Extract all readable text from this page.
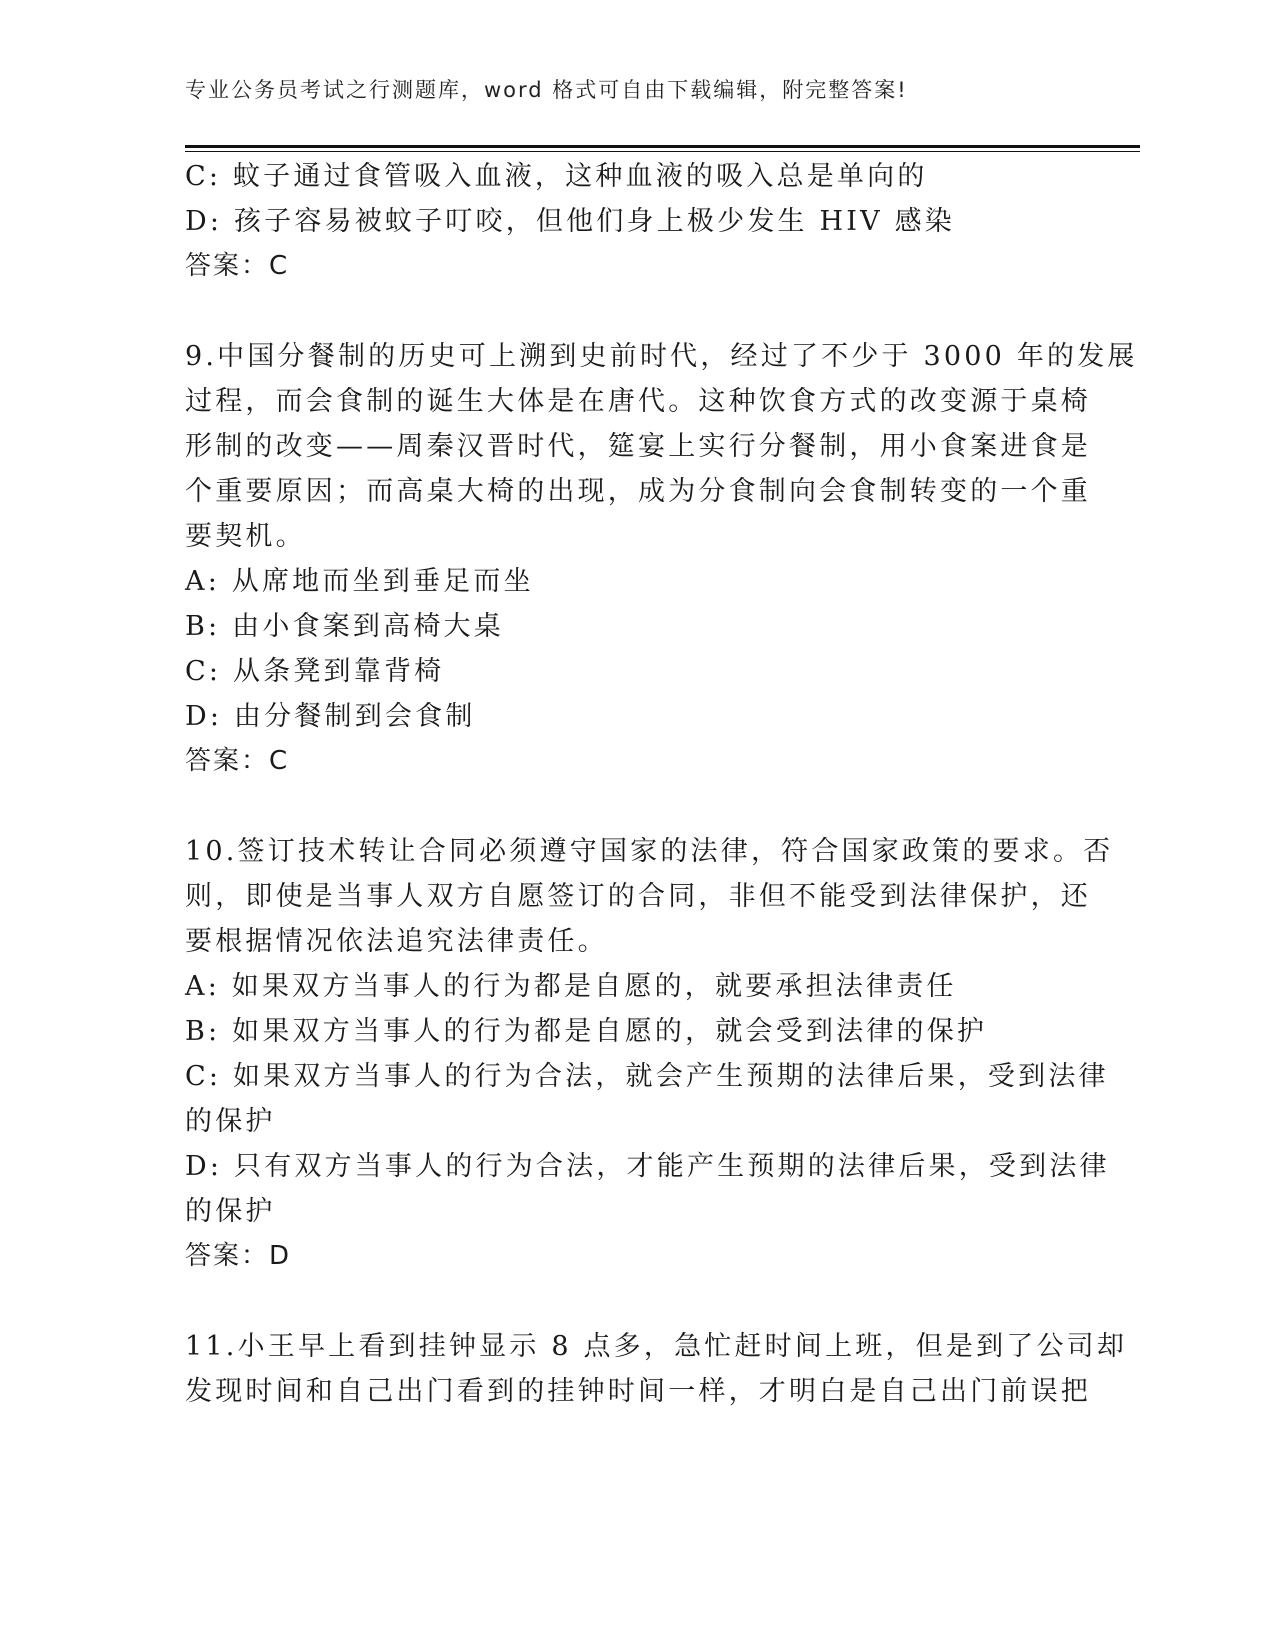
专业公务员考试之行测题库，word 格式可自由下载编辑，附完整答案!
C: 蚊子通过食管吸入血液，这种血液的吸入总是单向的
D: 孩子容易被蚊子叮咬，但他们身上极少发生 HIV 感染
答案：C
9.中国分餐制的历史可上溯到史前时代，经过了不少于 3000 年的发展
过程，而会食制的诞生大体是在唐代。这种饮食方式的改变源于桌椅
形制的改变——周秦汉晋时代，筵宴上实行分餐制，用小食案进食是
个重要原因；而高桌大椅的出现，成为分食制向会食制转变的一个重
要契机。
A: 从席地而坐到垂足而坐
B: 由小食案到高椅大桌
C: 从条凳到靠背椅
D: 由分餐制到会食制
答案：C
10.签订技术转让合同必须遵守国家的法律，符合国家政策的要求。否
则，即使是当事人双方自愿签订的合同，非但不能受到法律保护，还
要根据情况依法追究法律责任。
A: 如果双方当事人的行为都是自愿的，就要承担法律责任
B: 如果双方当事人的行为都是自愿的，就会受到法律的保护
C: 如果双方当事人的行为合法，就会产生预期的法律后果，受到法律
的保护
D: 只有双方当事人的行为合法，才能产生预期的法律后果，受到法律
的保护
答案：D
11.小王早上看到挂钟显示 8 点多，急忙赶时间上班，但是到了公司却
发现时间和自己出门看到的挂钟时间一样，才明白是自己出门前误把
